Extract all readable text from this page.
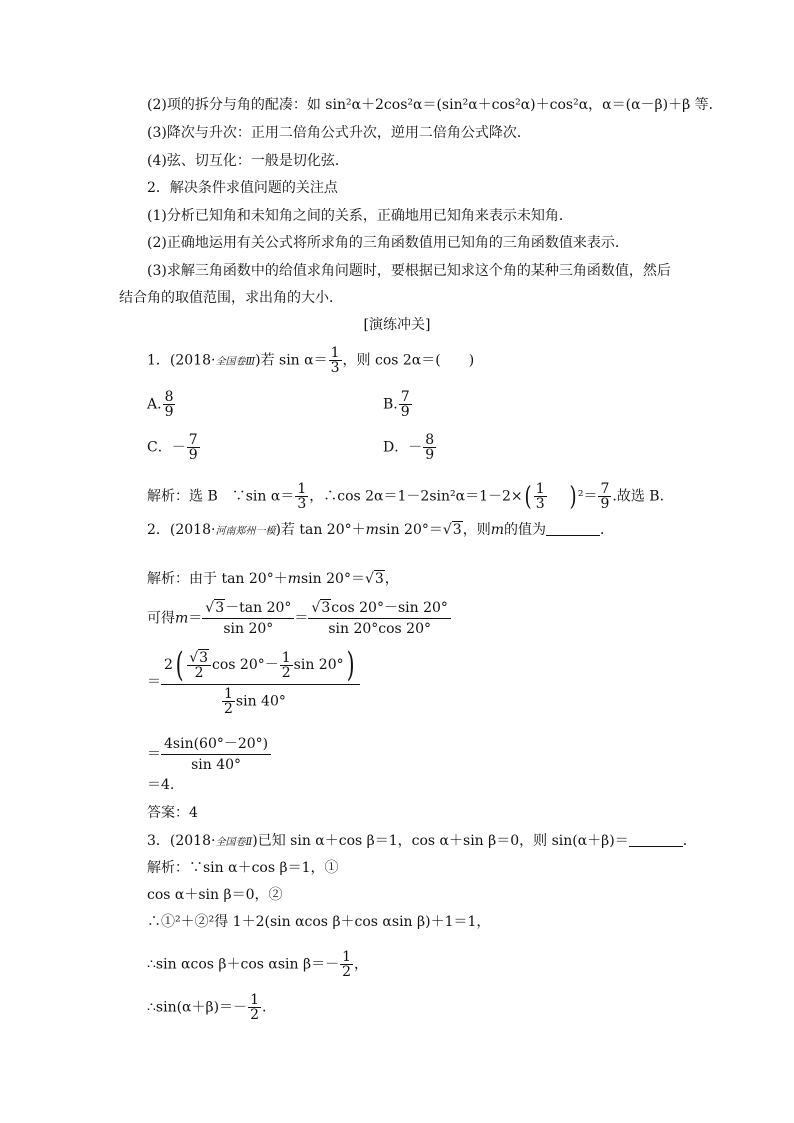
(2)项的拆分与角的配凑：如 sin²α＋2cos²α＝(sin²α＋cos²α)＋cos²α，α＝(α－β)＋β 等．
(3)降次与升次：正用二倍角公式升次，逆用二倍角公式降次．
(4)弦、切互化：一般是切化弦．
2．解决条件求值问题的关注点
(1)分析已知角和未知角之间的关系，正确地用已知角来表示未知角．
(2)正确地运用有关公式将所求角的三角函数值用已知角的三角函数值来表示．
(3)求解三角函数中的给值求角问题时，要根据已知求这个角的某种三角函数值，然后
结合角的取值范围，求出角的大小．
[演练冲关]
1．(2018·全国卷Ⅲ)若 $\sin \alpha= \frac{1}{3}$ ，则 cos 2α＝(　　)
A. $\frac{8}{9}$	B. $\frac{7}{9}$
C．－ $\frac{7}{9}$	D．－ $\frac{8}{9}$
解析：选 B　∵sin $\alpha= \frac{1}{3}$ ，∴cos $2\alpha=1-2\sin^2\alpha=1-2\times( \frac{1}{3}$ ) $^2= \frac{7}{9}$ .故选 B.
2．(2018·河南郑州一模)若 tan 20°＋msin 20°＝√3，则m的值为	．
解析：由于 tan 20°＋msin 20°＝√3，
可得$m= \frac{√3-\tan 20^\circ}{\sin 20^\circ} = \frac{√3\cos 20^\circ-\sin 20^\circ}{\sin 20^\circ\cos 20^\circ}$
＝ $\frac{2( \frac{√3}{2} \cos 20^\circ- \frac{1}{2} \sin 20^\circ)}{\frac{1}{2} \sin 40^\circ}$
＝ $\frac{4\sin(60^\circ-20^\circ)}{\sin 40^\circ}$
＝4.
答案：4
3．(2018·全国卷Ⅱ)已知 sin α＋cos β＝1，cos α＋sin β＝0，则 sin(α＋β)＝	.
解析：∵sin α＋cos β＝1，①
cos α＋sin β＝0，②
∴①²＋②²得 1＋2(sin αcos β＋cos αsin β)＋1＝1，
∴sin αcos β＋cos αsin $\beta=- \frac{1}{2}$ ，
∴sin(α＋β)＝－ $\frac{1}{2}$ .
